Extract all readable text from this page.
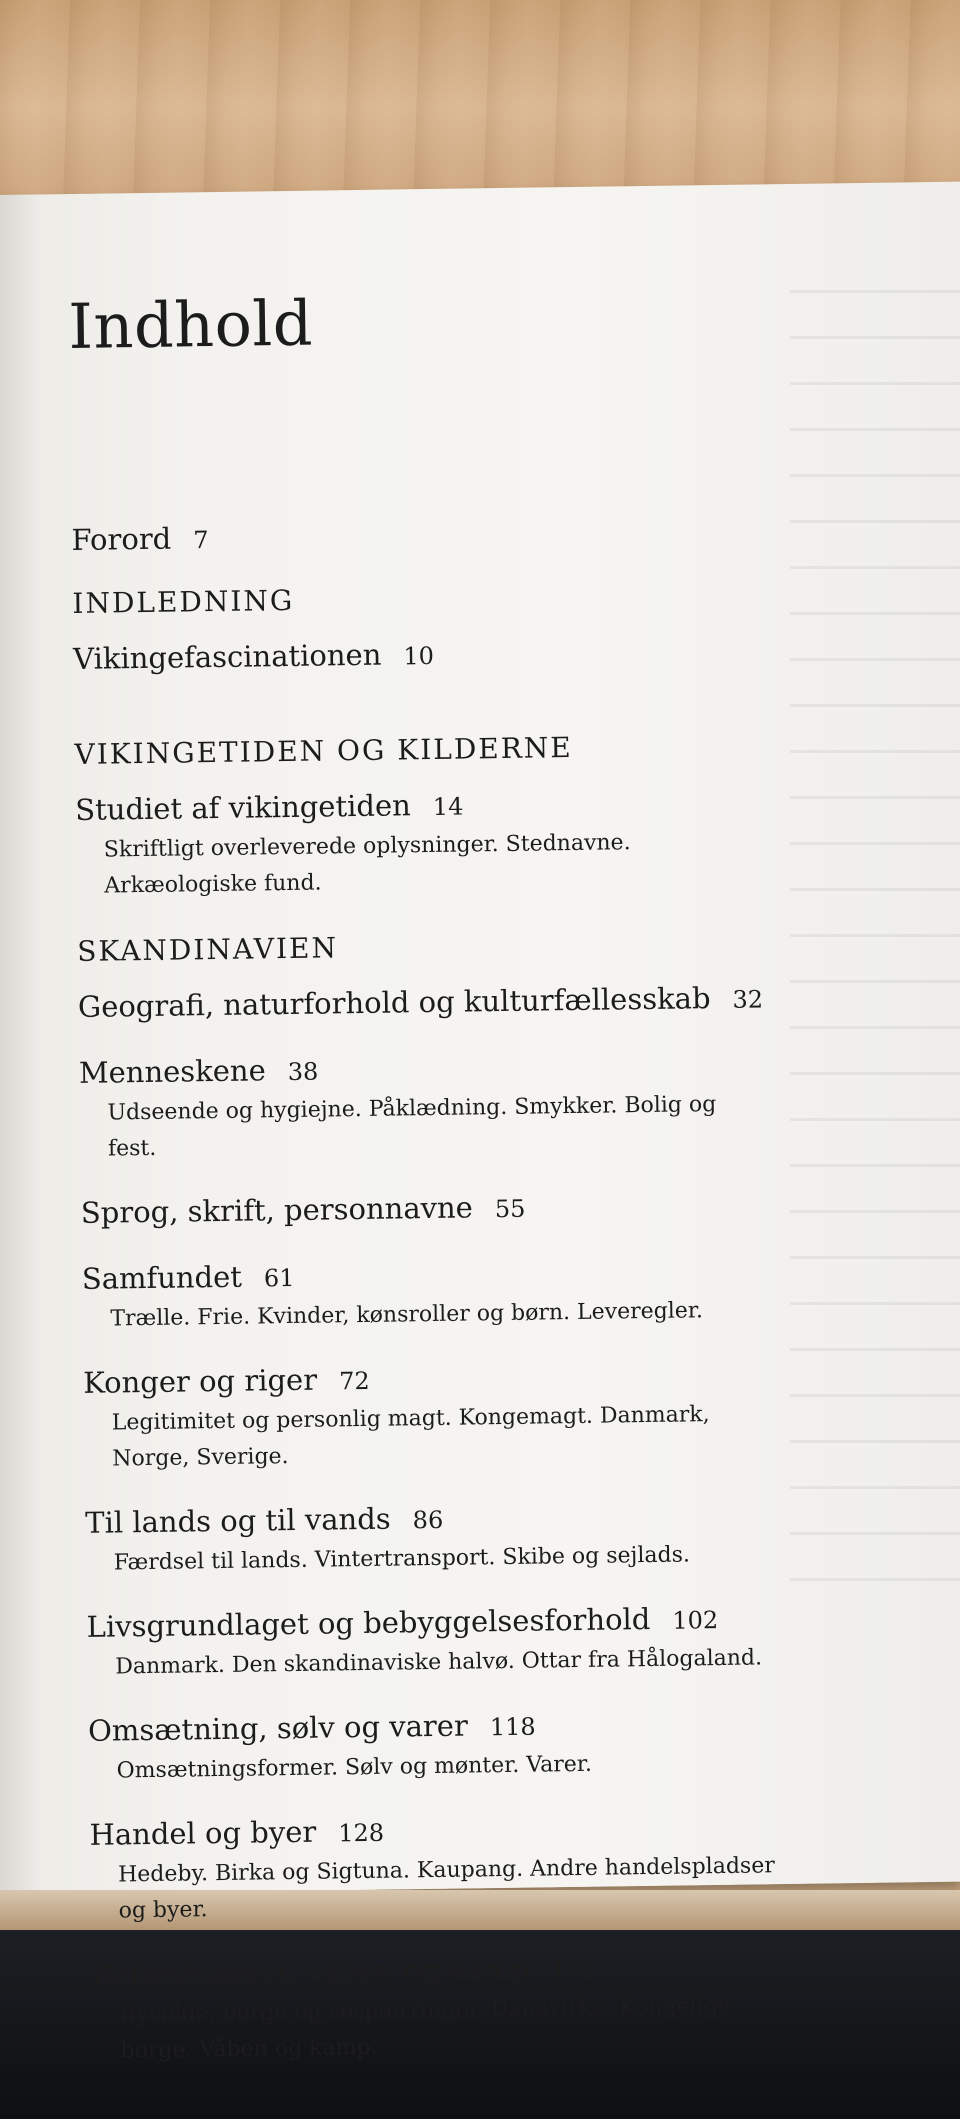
Indhold
Forord 7
INDLEDNING
Vikingefascinationen 10
VIKINGETIDEN OG KILDERNE
Studiet af vikingetiden 14
Skriftligt overleverede oplysninger. Stednavne. Arkæologiske fund.
SKANDINAVIEN
Geografi, naturforhold og kulturfællesskab 32
Menneskene 38
Udseende og hygiejne. Påklædning. Smykker. Bolig og fest.
Sprog, skrift, personnavne 55
Samfundet 61
Trælle. Frie. Kvinder, kønsroller og børn. Leveregler.
Konger og riger 72
Legitimitet og personlig magt. Kongemagt. Danmark, Norge, Sverige.
Til lands og til vands 86
Færdsel til lands. Vintertransport. Skibe og sejlads.
Livsgrundlaget og bebyggelsesforhold 102
Danmark. Den skandinaviske halvø. Ottar fra Hålogaland.
Omsætning, sølv og varer 118
Omsætningsformer. Sølv og mønter. Varer.
Handel og byer 128
Hedeby. Birka og Sigtuna. Kaupang. Andre handelspladser og byer.
Befæstninger, våben og kamp 141
Byvolde, borge og søspærringer. Danevirke. Kongelige borge. Våben og kamp.
